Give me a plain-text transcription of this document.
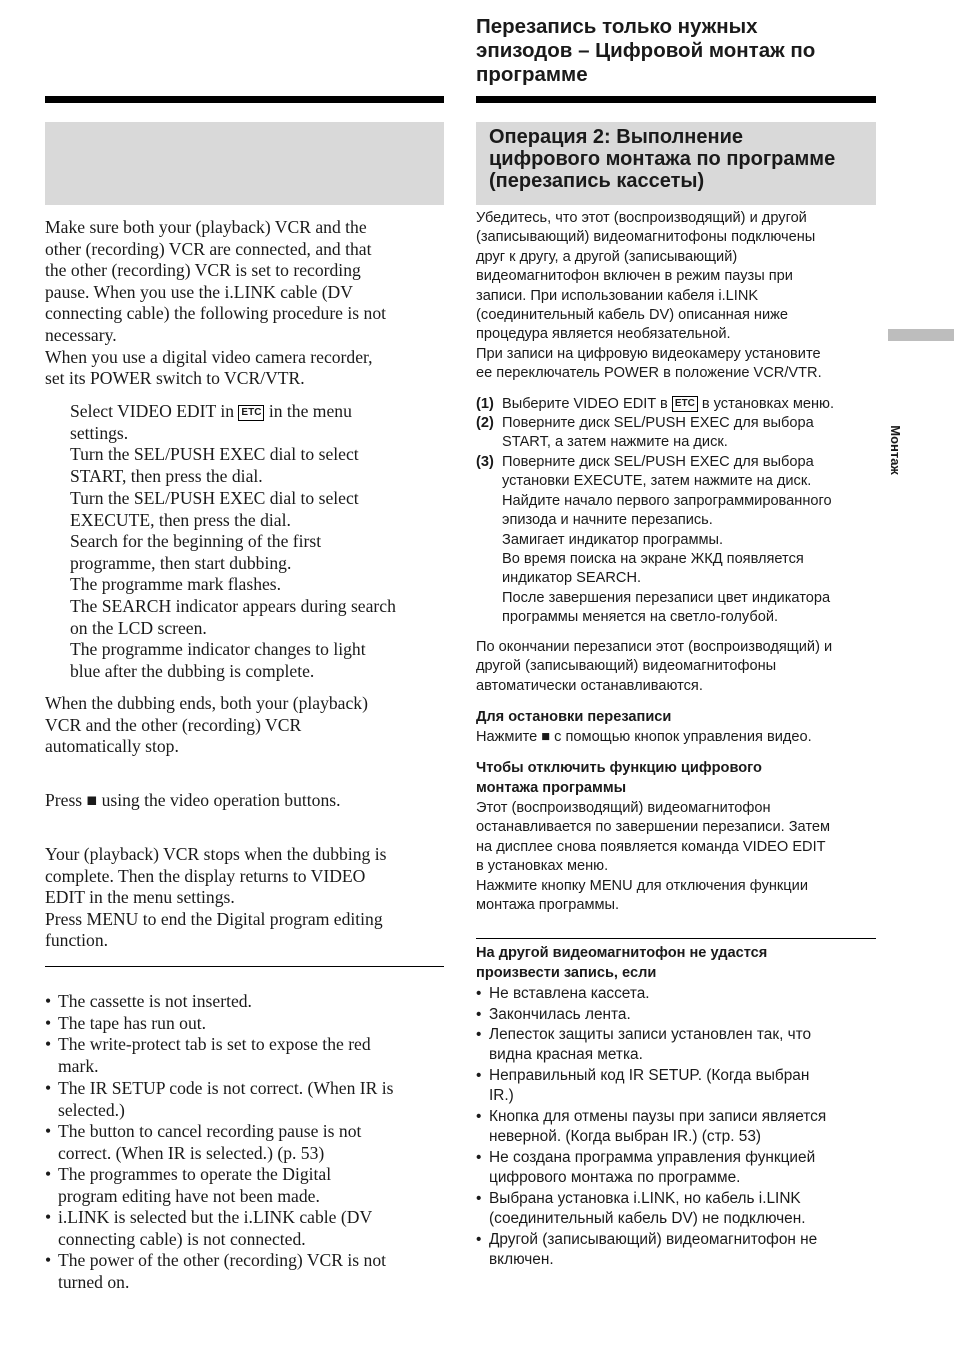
Make sure both your (playback) VCR and the
other (recording) VCR are connected, and that
the other (recording) VCR is set to recording
pause. When you use the i.LINK cable (DV
connecting cable) the following procedure is not
necessary.
When you use a digital video camera recorder,
set its POWER switch to VCR/VTR.
Select VIDEO EDIT in ETC in the menu
settings.
Turn the SEL/PUSH EXEC dial to select
START, then press the dial.
Turn the SEL/PUSH EXEC dial to select
EXECUTE, then press the dial.
Search for the beginning of the first
programme, then start dubbing.
The programme mark flashes.
The SEARCH indicator appears during search
on the LCD screen.
The programme indicator changes to light
blue after the dubbing is complete.
When the dubbing ends, both your (playback)
VCR and the other (recording) VCR
automatically stop.
Press ■ using the video operation buttons.
Your (playback) VCR stops when the dubbing is
complete. Then the display returns to VIDEO
EDIT in the menu settings.
Press MENU to end the Digital program editing
function.
• The cassette is not inserted.
• The tape has run out.
• The write-protect tab is set to expose the red
mark.
• The IR SETUP code is not correct. (When IR is
selected.)
• The button to cancel recording pause is not
correct. (When IR is selected.) (p. 53)
• The programmes to operate the Digital
program editing have not been made.
• i.LINK is selected but the i.LINK cable (DV
connecting cable) is not connected.
• The power of the other (recording) VCR is not
turned on.
Перезапись только нужных
эпизодов – Цифровой монтаж по
программе
Операция 2: Выполнение
цифрового монтажа по программе
(перезапись кассеты)
Убедитесь, что этот (воспроизводящий) и другой
(записывающий) видеомагнитофоны подключены
друг к другу, а другой (записывающий)
видеомагнитофон включен в режим паузы при
записи. При использовании кабеля i.LINK
(соединительный кабель DV) описанная ниже
процедура является необязательной.
При записи на цифровую видеокамеру установите
ее переключатель POWER в положение VCR/VTR.
(1) Выберите VIDEO EDIT в ETC в установках меню.
(2) Поверните диск SEL/PUSH EXEC для выбора
START, а затем нажмите на диск.
(3) Поверните диск SEL/PUSH EXEC для выбора
установки EXECUTE, затем нажмите на диск.
Найдите начало первого запрограммированного
эпизода и начните перезапись.
Замигает индикатор программы.
Во время поиска на экране ЖКД появляется
индикатор SEARCH.
После завершения перезаписи цвет индикатора
программы меняется на светло-голубой.
По окончании перезаписи этот (воспроизводящий) и
другой (записывающий) видеомагнитофоны
автоматически останавливаются.
Для остановки перезаписи
Нажмите ■ с помощью кнопок управления видео.
Чтобы отключить функцию цифрового
монтажа программы
Этот (воспроизводящий) видеомагнитофон
останавливается по завершении перезаписи. Затем
на дисплее снова появляется команда VIDEO EDIT
в установках меню.
Нажмите кнопку MENU для отключения функции
монтажа программы.
На другой видеомагнитофон не удастся
произвести запись, если
• Не вставлена кассета.
• Закончилась лента.
• Лепесток защиты записи установлен так, что
видна красная метка.
• Неправильный код IR SETUP. (Когда выбран
IR.)
• Кнопка для отмены паузы при записи является
неверной. (Когда выбран IR.) (стр. 53)
• Не создана программа управления функцией
цифрового монтажа по программе.
• Выбрана установка i.LINK, но кабель i.LINK
(соединительный кабель DV) не подключен.
• Другой (записывающий) видеомагнитофон не
включен.
Монтаж
